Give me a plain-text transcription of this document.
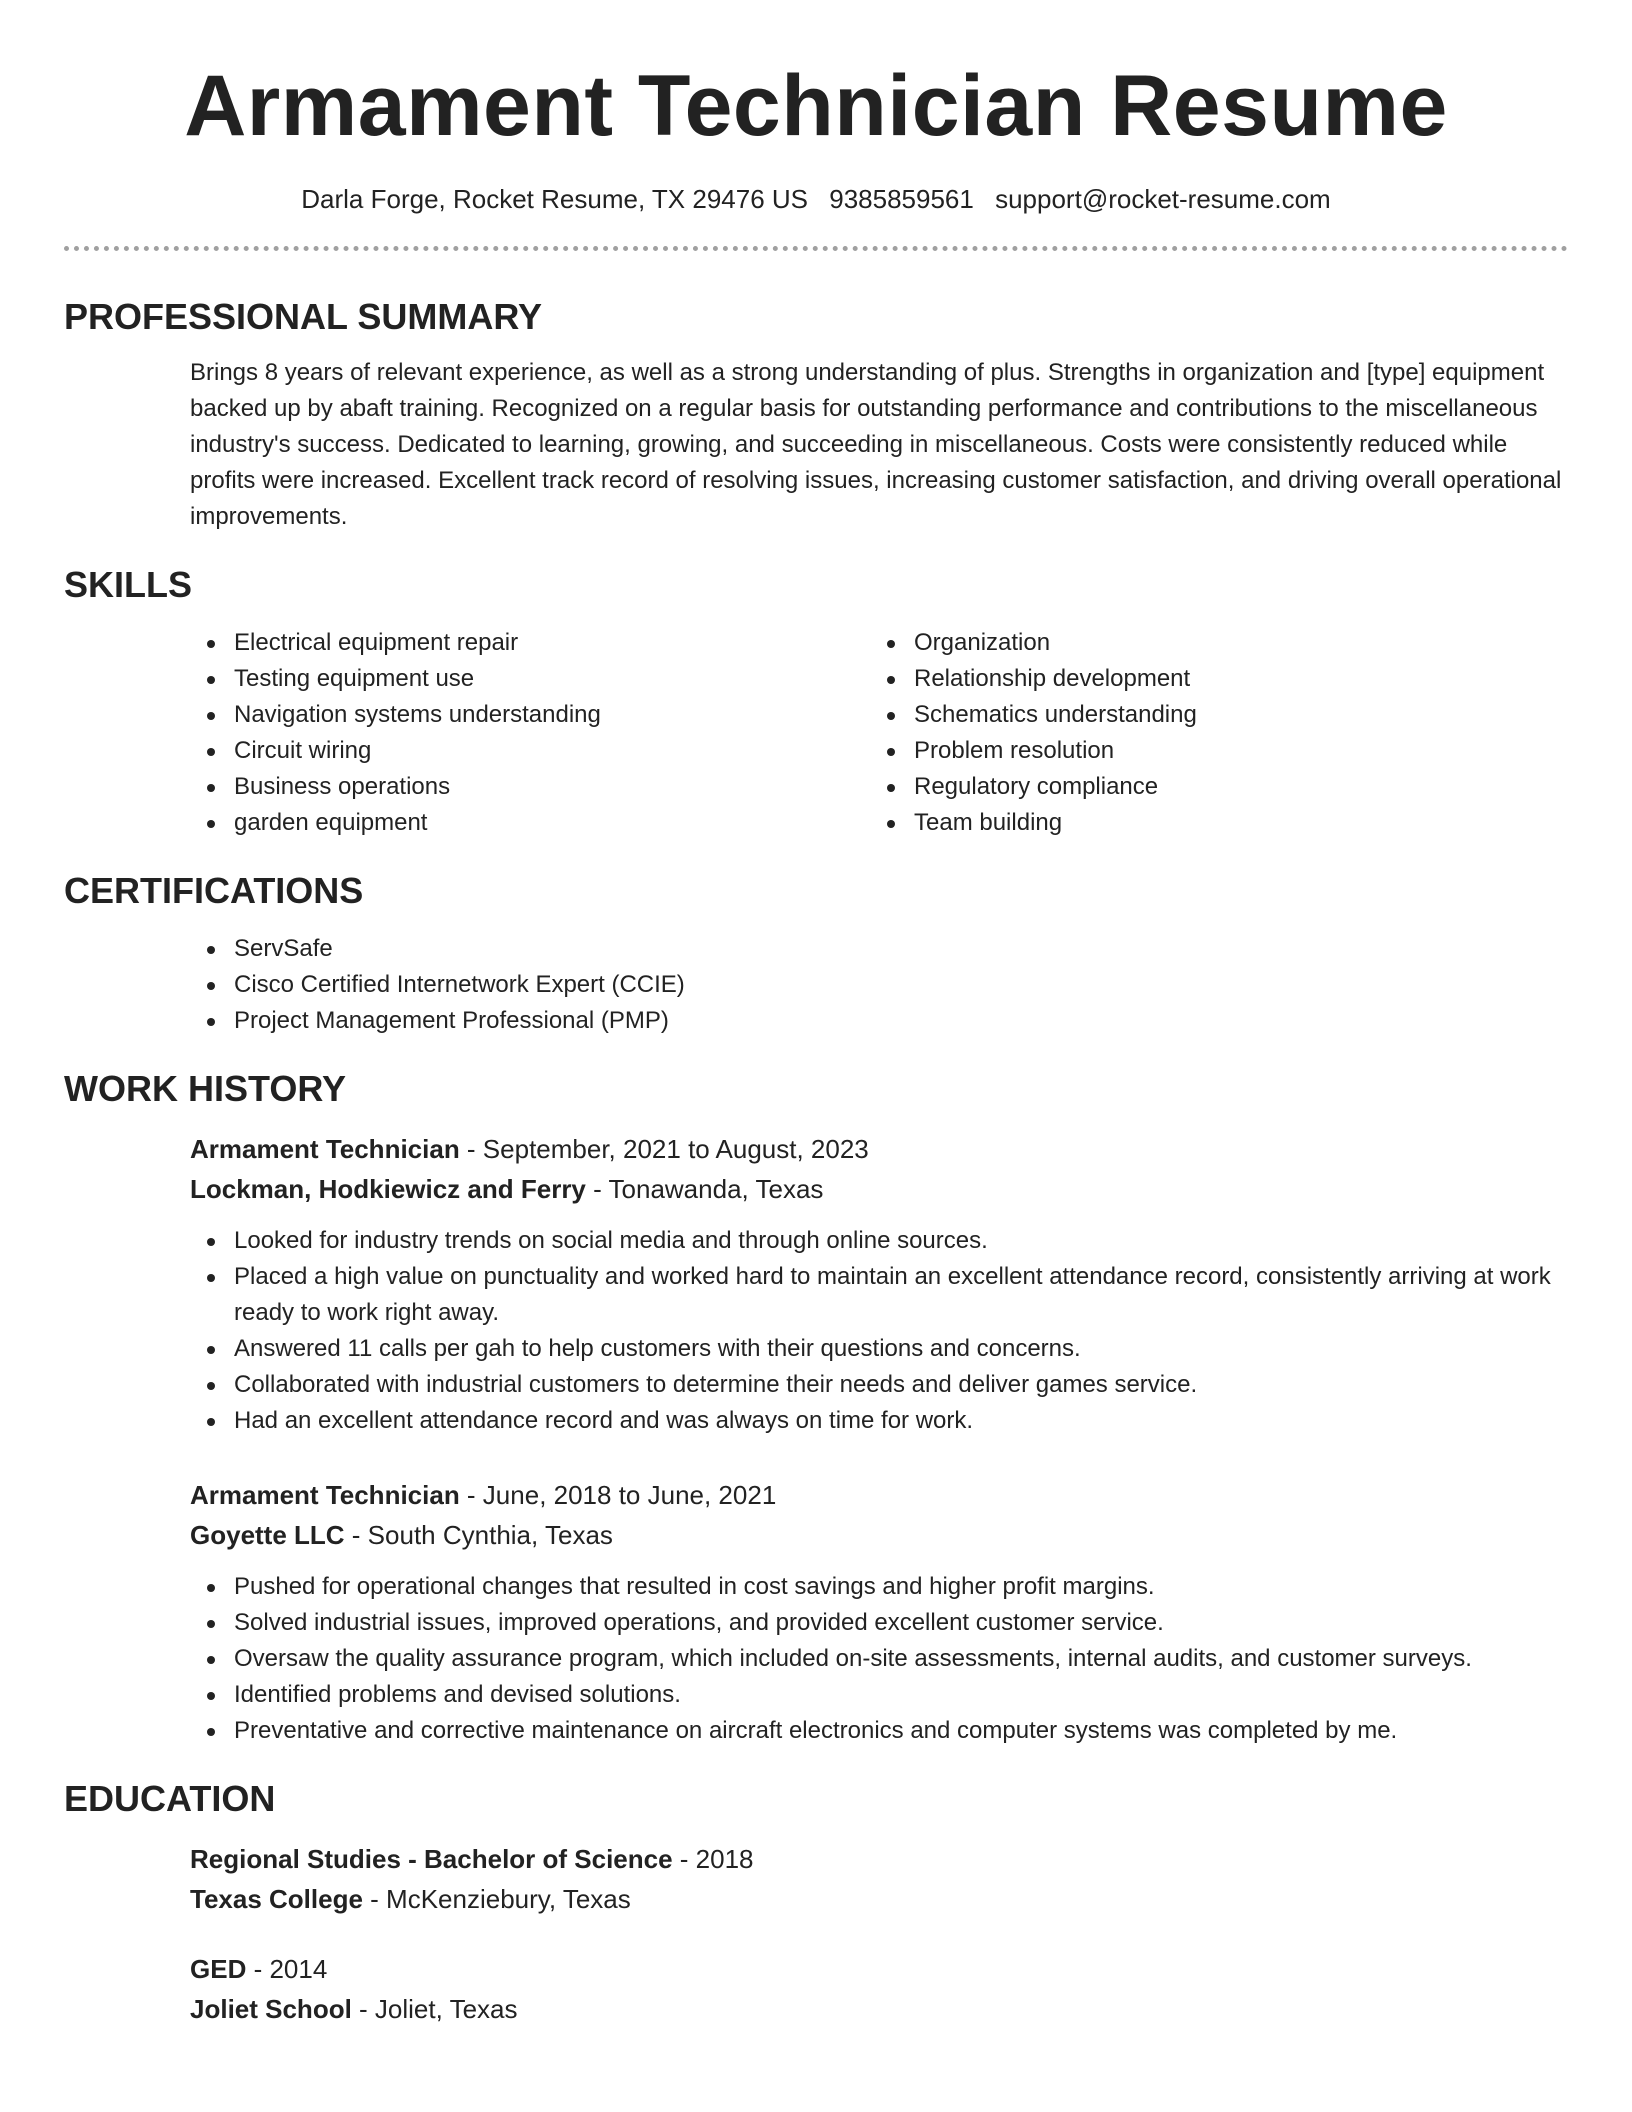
Armament Technician Resume
Darla Forge, Rocket Resume, TX 29476 US 9385859561 support@rocket-resume.com
PROFESSIONAL SUMMARY

Brings 8 years of relevant experience, as well as a strong understanding of plus. Strengths in organization and [type] equipment backed up by abaft training. Recognized on a regular basis for outstanding performance and contributions to the miscellaneous industry's success. Dedicated to learning, growing, and succeeding in miscellaneous. Costs were consistently reduced while profits were increased. Excellent track record of resolving issues, increasing customer satisfaction, and driving overall operational improvements.

SKILLS
Electrical equipment repair
Testing equipment use
Navigation systems understanding
Circuit wiring
Business operations
garden equipment
Organization
Relationship development
Schematics understanding
Problem resolution
Regulatory compliance
Team building
CERTIFICATIONS
ServSafe
Cisco Certified Internetwork Expert (CCIE)
Project Management Professional (PMP)
WORK HISTORY
Armament Technician - September, 2021 to August, 2023
Lockman, Hodkiewicz and Ferry - Tonawanda, Texas
Looked for industry trends on social media and through online sources.
Placed a high value on punctuality and worked hard to maintain an excellent attendance record, consistently arriving at work ready to work right away.
Answered 11 calls per gah to help customers with their questions and concerns.
Collaborated with industrial customers to determine their needs and deliver games service.
Had an excellent attendance record and was always on time for work.
Armament Technician - June, 2018 to June, 2021
Goyette LLC - South Cynthia, Texas
Pushed for operational changes that resulted in cost savings and higher profit margins.
Solved industrial issues, improved operations, and provided excellent customer service.
Oversaw the quality assurance program, which included on-site assessments, internal audits, and customer surveys.
Identified problems and devised solutions.
Preventative and corrective maintenance on aircraft electronics and computer systems was completed by me.
EDUCATION
Regional Studies - Bachelor of Science - 2018
Texas College - McKenziebury, Texas
GED - 2014
Joliet School - Joliet, Texas
